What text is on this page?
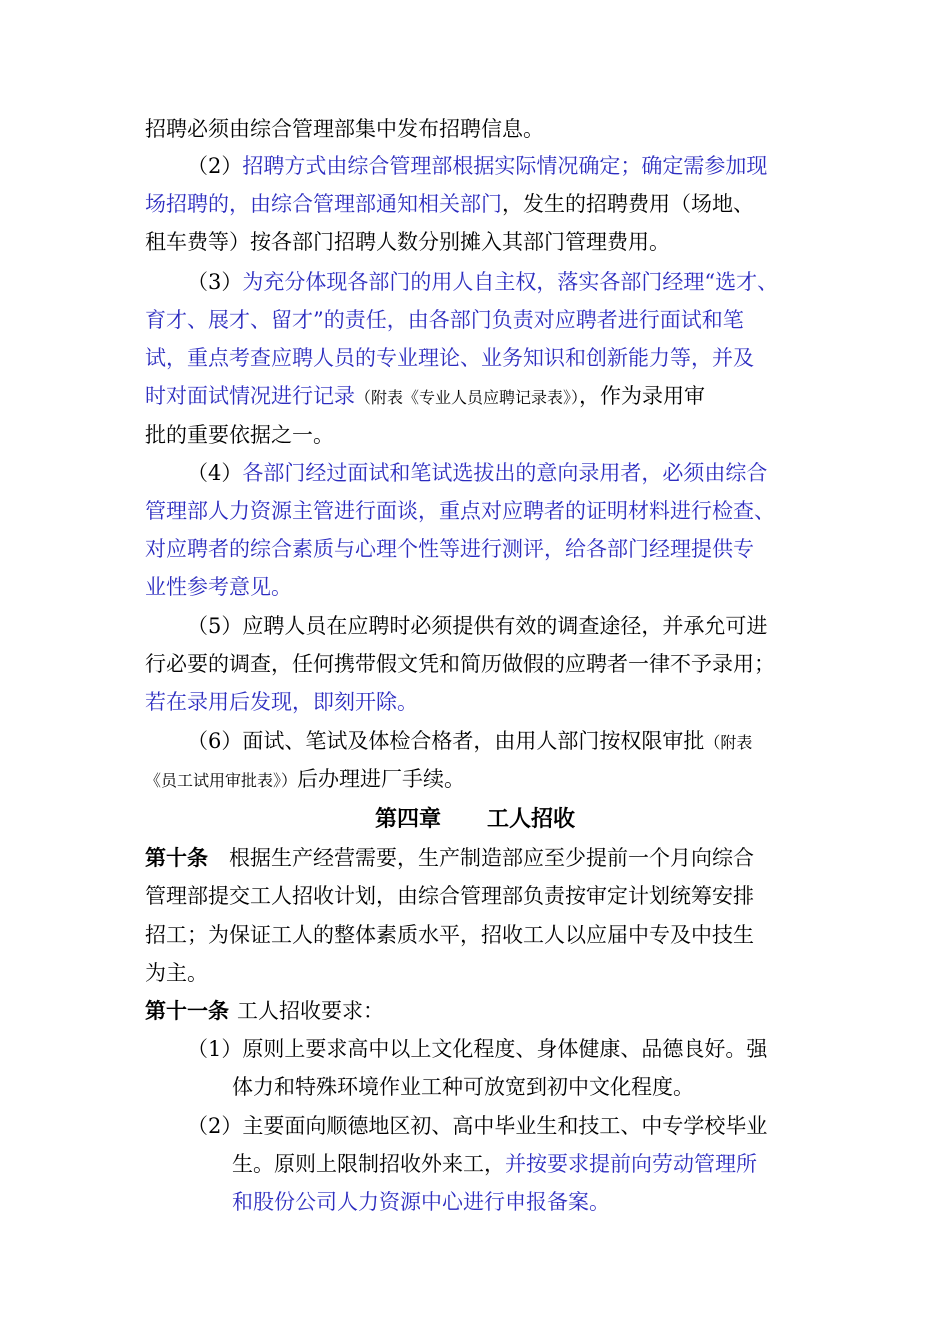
招聘必须由综合管理部集中发布招聘信息。
（2）招聘方式由综合管理部根据实际情况确定；确定需参加现
场招聘的，由综合管理部通知相关部门，发生的招聘费用（场地、
租车费等）按各部门招聘人数分别摊入其部门管理费用。
（3）为充分体现各部门的用人自主权，落实各部门经理“选才、
育才、展才、留才”的责任，由各部门负责对应聘者进行面试和笔
试，重点考查应聘人员的专业理论、业务知识和创新能力等，并及
时对面试情况进行记录（附表《专业人员应聘记录表》），作为录用审
批的重要依据之一。
（4）各部门经过面试和笔试选拔出的意向录用者，必须由综合
管理部人力资源主管进行面谈，重点对应聘者的证明材料进行检查、
对应聘者的综合素质与心理个性等进行测评，给各部门经理提供专
业性参考意见。
（5）应聘人员在应聘时必须提供有效的调查途径，并承允可进
行必要的调查，任何携带假文凭和简历做假的应聘者一律不予录用；
若在录用后发现，即刻开除。
（6）面试、笔试及体检合格者，由用人部门按权限审批（附表
《员工试用审批表》）后办理进厂手续。
第四章      工人招收
第十条 根据生产经营需要，生产制造部应至少提前一个月向综合
管理部提交工人招收计划，由综合管理部负责按审定计划统筹安排
招工；为保证工人的整体素质水平，招收工人以应届中专及中技生
为主。
第十一条 工人招收要求：
（1）原则上要求高中以上文化程度、身体健康、品德良好。强
体力和特殊环境作业工种可放宽到初中文化程度。
（2）主要面向顺德地区初、高中毕业生和技工、中专学校毕业
生。原则上限制招收外来工，并按要求提前向劳动管理所
和股份公司人力资源中心进行申报备案。
